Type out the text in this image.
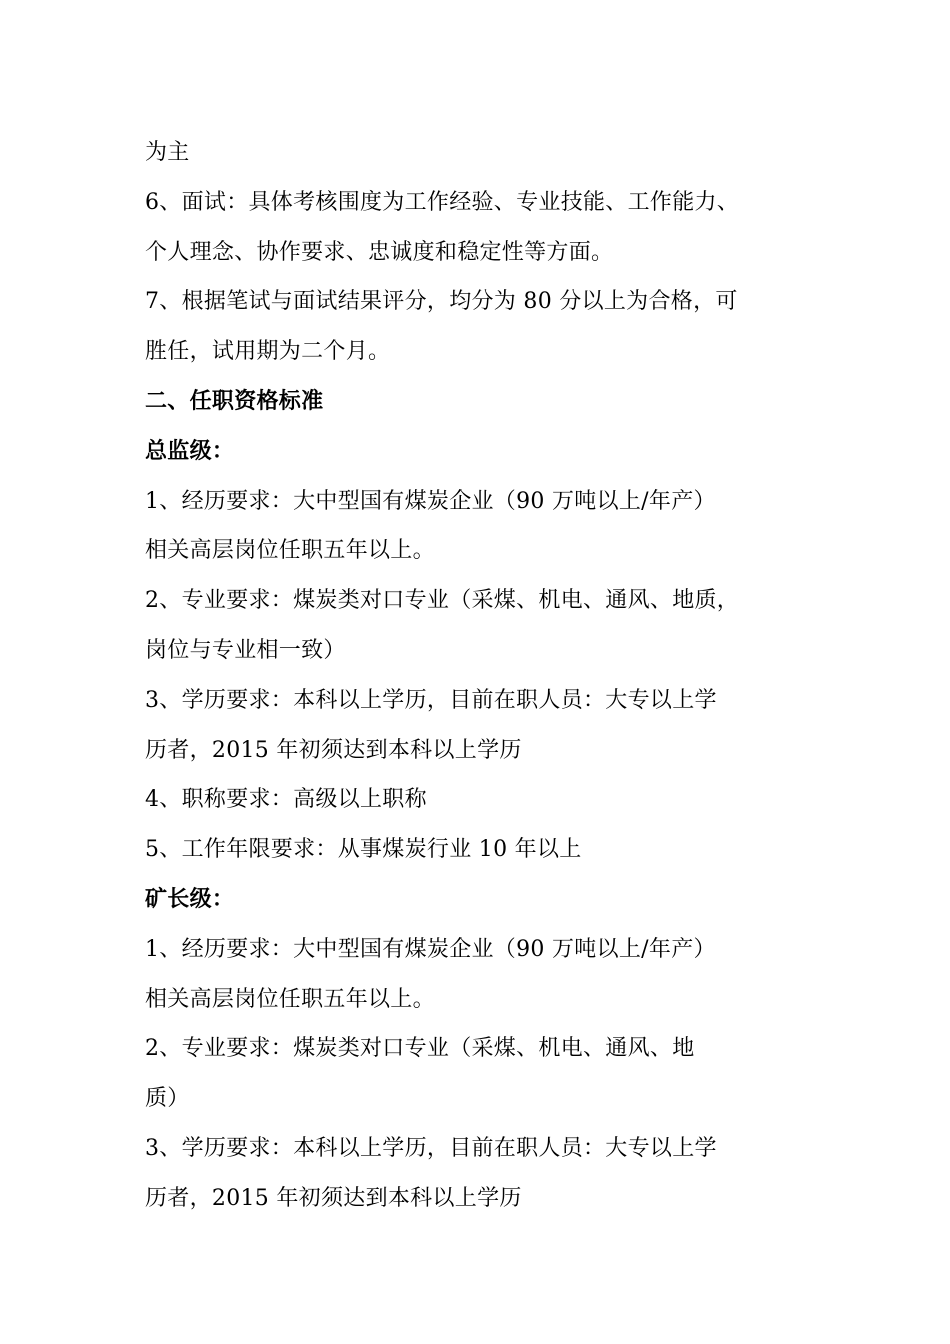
为主
6、面试：具体考核围度为工作经验、专业技能、工作能力、
个人理念、协作要求、忠诚度和稳定性等方面。
7、根据笔试与面试结果评分，均分为 80 分以上为合格，可
胜任，试用期为二个月。
二、任职资格标准
总监级：
1、经历要求：大中型国有煤炭企业（90 万吨以上/年产）
相关高层岗位任职五年以上。
2、专业要求：煤炭类对口专业（采煤、机电、通风、地质，
岗位与专业相一致）
3、学历要求：本科以上学历，目前在职人员：大专以上学
历者，2015 年初须达到本科以上学历
4、职称要求：高级以上职称
5、工作年限要求：从事煤炭行业 10 年以上
矿长级：
1、经历要求：大中型国有煤炭企业（90 万吨以上/年产）
相关高层岗位任职五年以上。
2、专业要求：煤炭类对口专业（采煤、机电、通风、地
质）
3、学历要求：本科以上学历，目前在职人员：大专以上学
历者，2015 年初须达到本科以上学历
